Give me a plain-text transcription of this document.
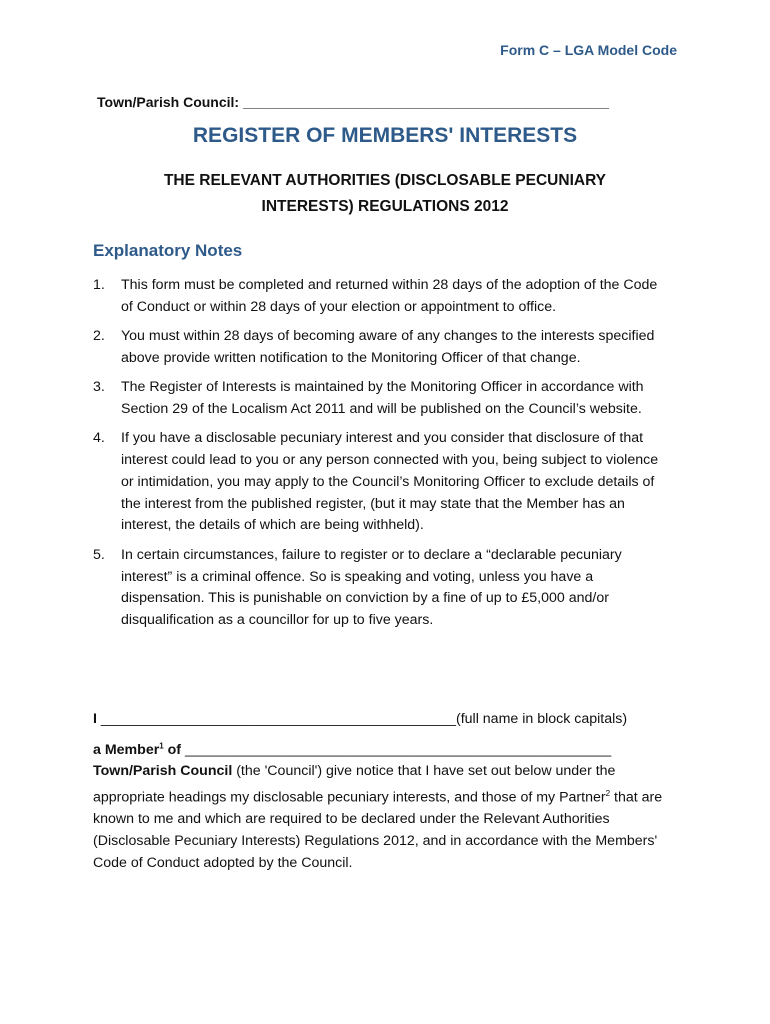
Form C – LGA Model Code
Town/Parish Council: _______________________________________________
REGISTER OF MEMBERS' INTERESTS
THE RELEVANT AUTHORITIES (DISCLOSABLE PECUNIARY
INTERESTS) REGULATIONS 2012
Explanatory Notes
1.	This form must be completed and returned within 28 days of the adoption of the Code of Conduct or within 28 days of your election or appointment to office.
2.	You must within 28 days of becoming aware of any changes to the interests specified above provide written notification to the Monitoring Officer of that change.
3.	The Register of Interests is maintained by the Monitoring Officer in accordance with Section 29 of the Localism Act 2011 and will be published on the Council’s website.
4.	If you have a disclosable pecuniary interest and you consider that disclosure of that interest could lead to you or any person connected with you, being subject to violence or intimidation, you may apply to the Council’s Monitoring Officer to exclude details of the interest from the published register, (but it may state that the Member has an interest, the details of which are being withheld).
5.	In certain circumstances, failure to register or to declare a “declarable pecuniary interest” is a criminal offence. So is speaking and voting, unless you have a dispensation. This is punishable on conviction by a fine of up to £5,000 and/or disqualification as a councillor for up to five years.
I _____________________________________________(full name in block capitals)
a Member$^1$ of ______________________________________________________
Town/Parish Council (the 'Council') give notice that I have set out below under the appropriate headings my disclosable pecuniary interests, and those of my Partner$^2$ that are known to me and which are required to be declared under the Relevant Authorities (Disclosable Pecuniary Interests) Regulations 2012, and in accordance with the Members' Code of Conduct adopted by the Council.
